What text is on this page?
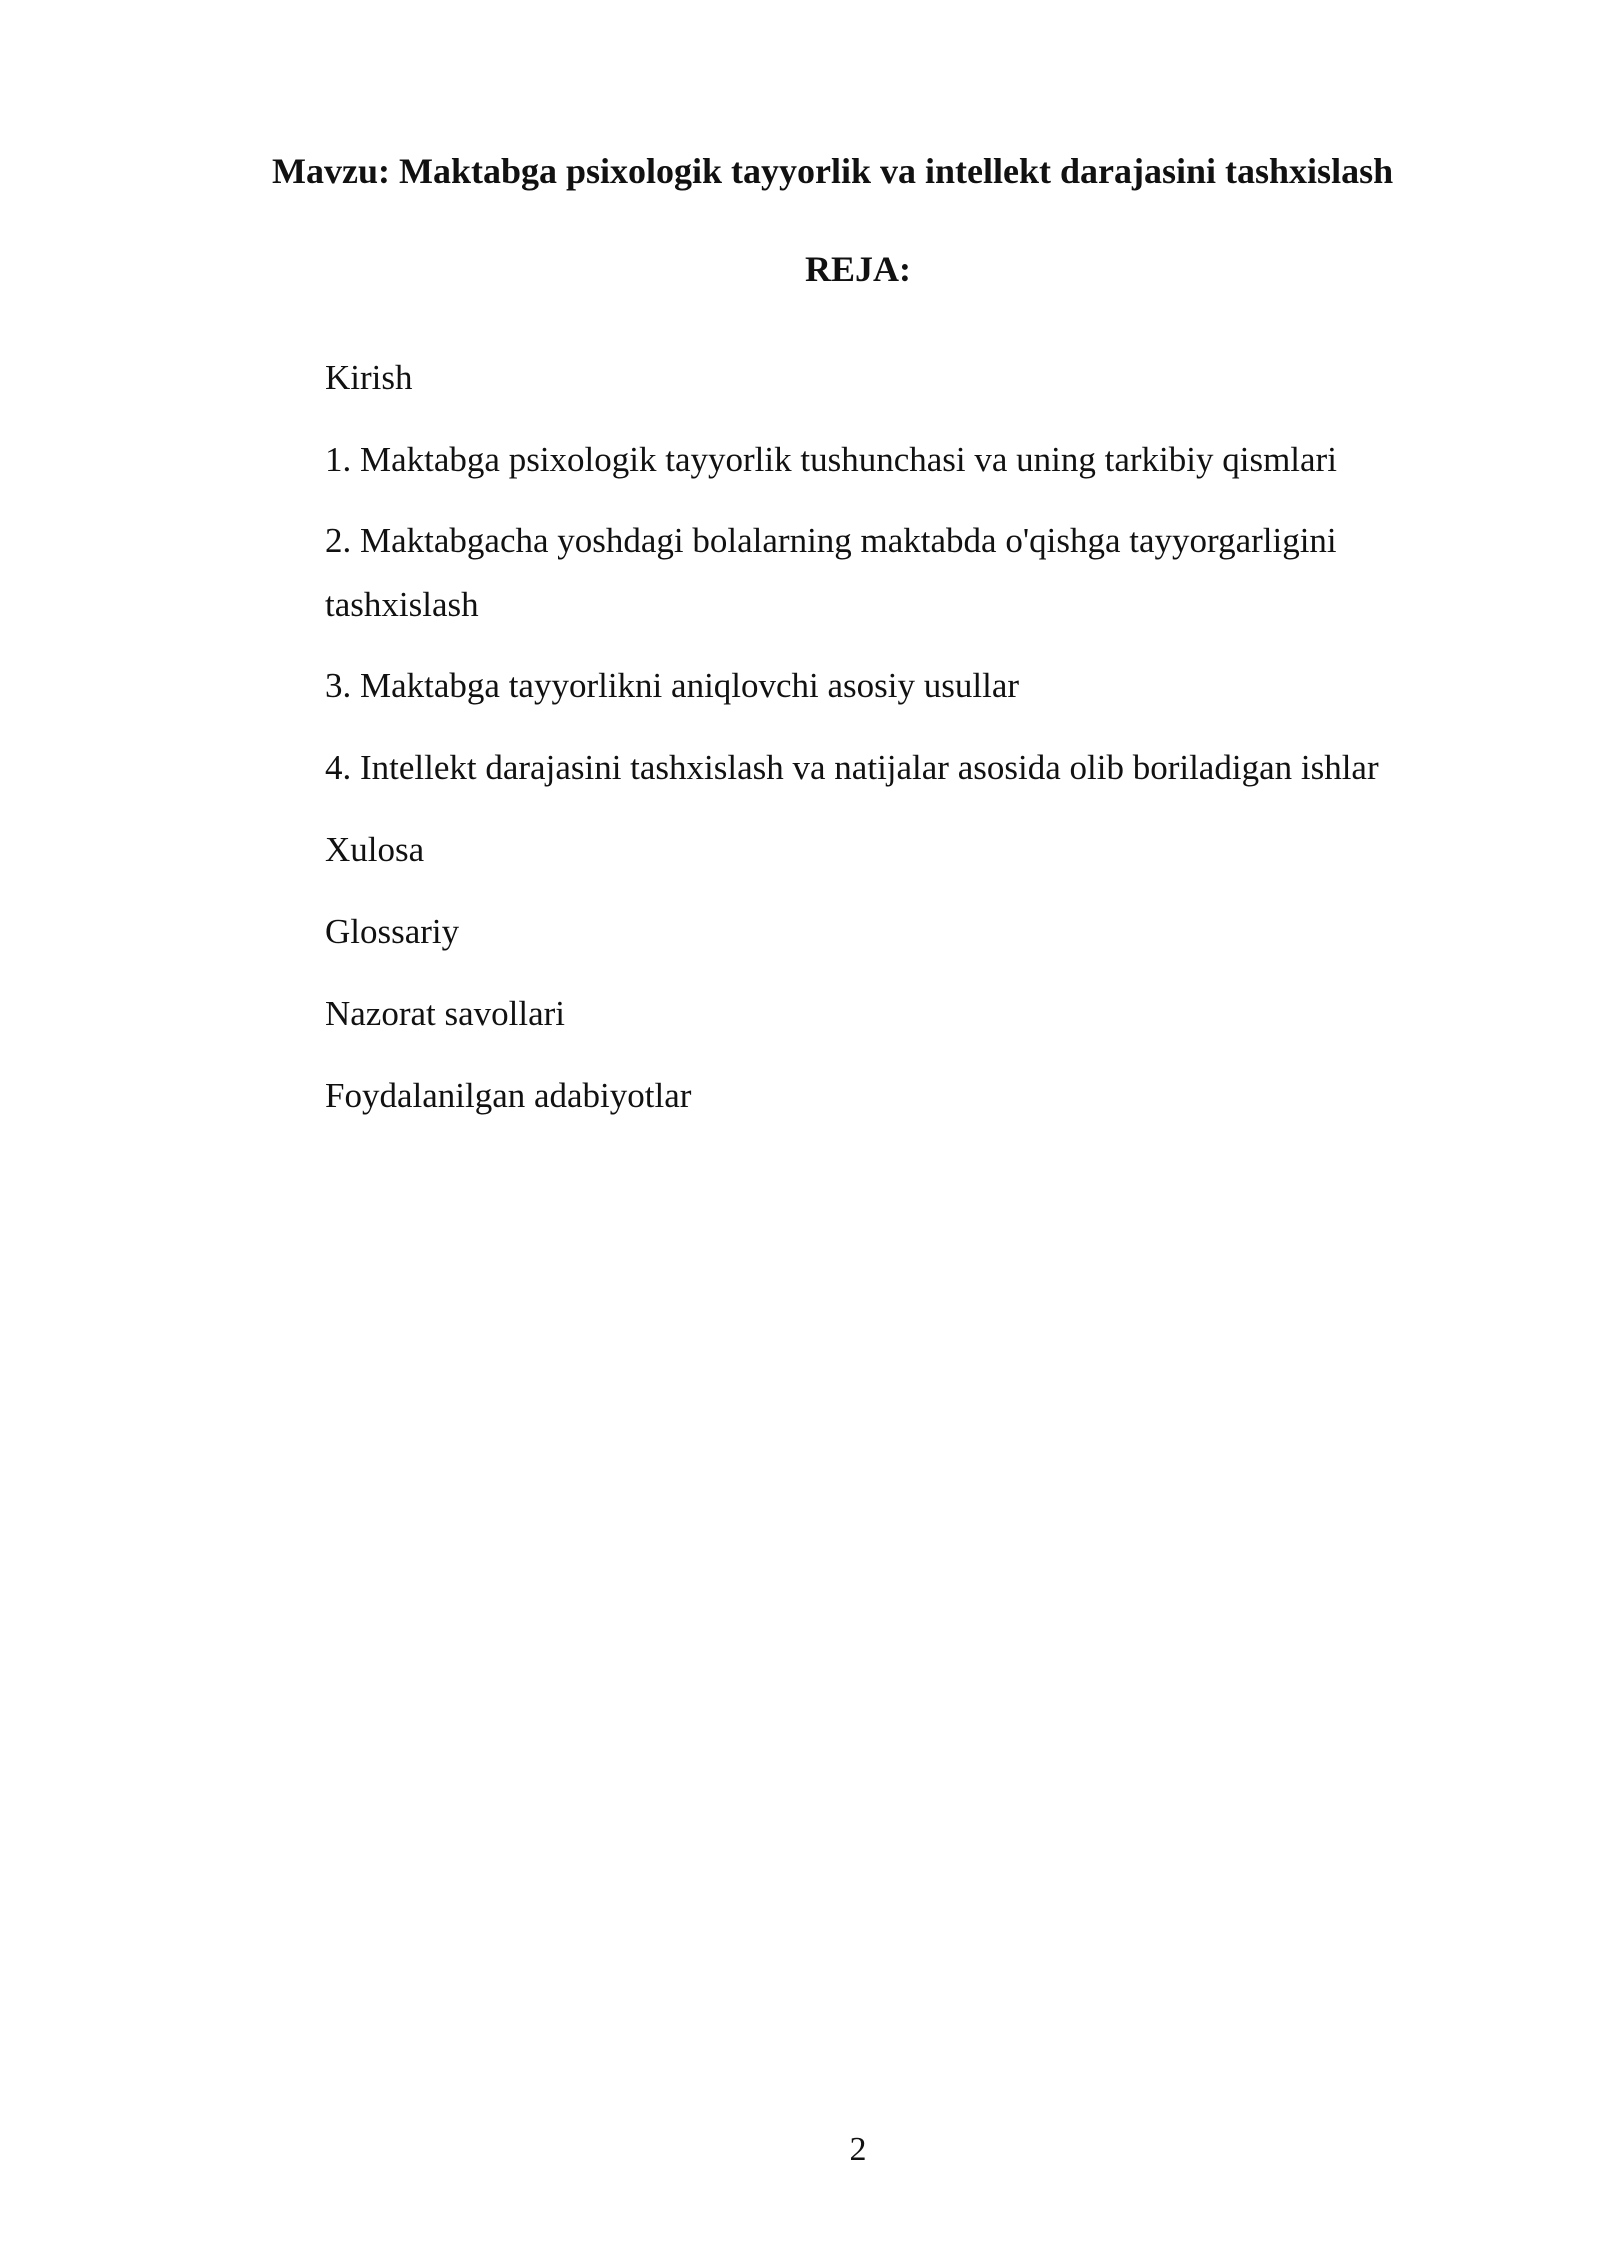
Mavzu: Maktabga psixologik tayyorlik va intellekt darajasini tashxislash
REJA:
Kirish
1. Maktabga psixologik tayyorlik tushunchasi va uning tarkibiy qismlari
2. Maktabgacha yoshdagi bolalarning maktabda o'qishga tayyorgarligini tashxislash
3. Maktabga tayyorlikni aniqlovchi asosiy usullar
4. Intellekt darajasini tashxislash va natijalar asosida olib boriladigan ishlar
Xulosa
Glossariy
Nazorat savollari
Foydalanilgan adabiyotlar
2
